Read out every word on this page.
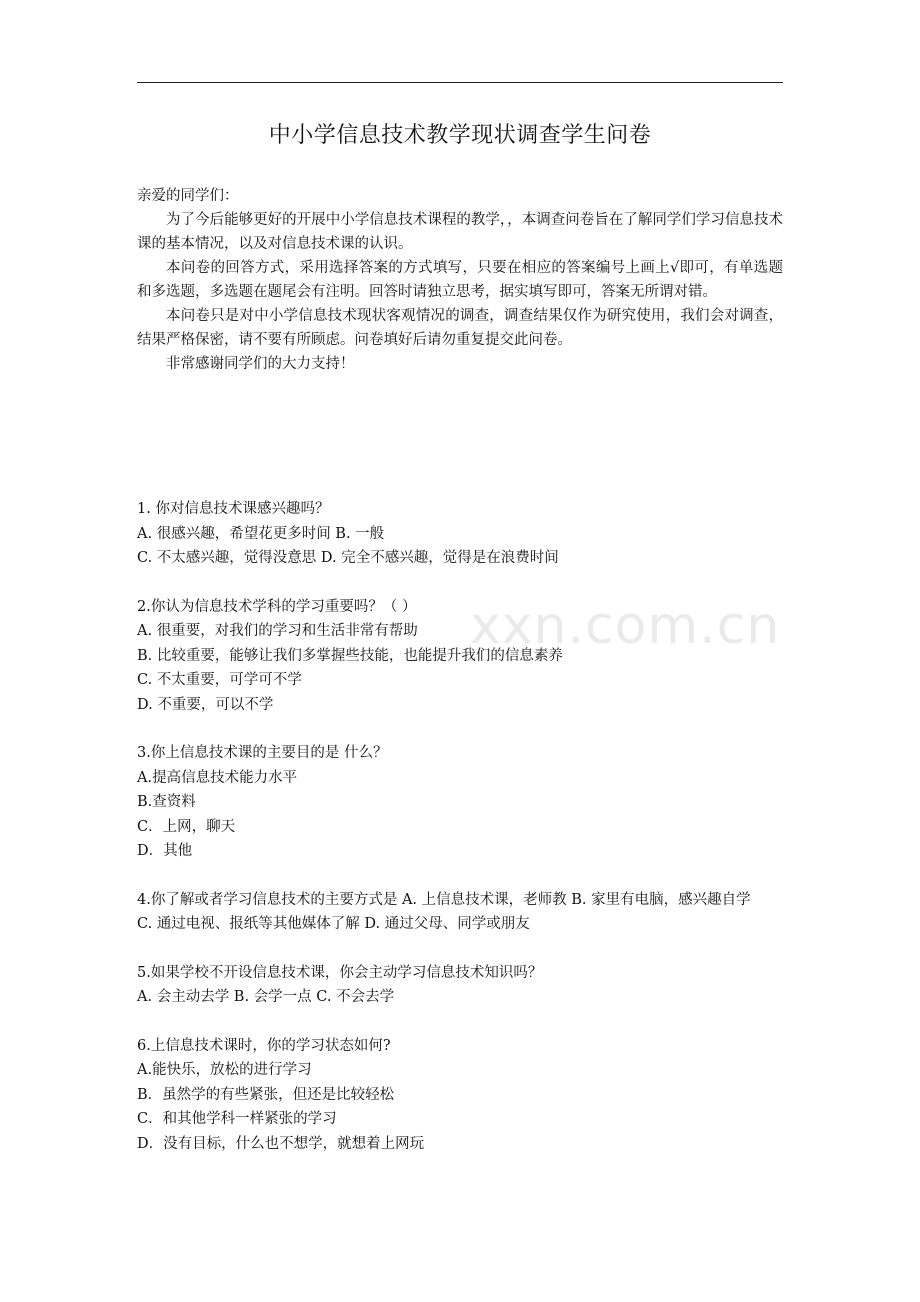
中小学信息技术教学现状调查学生问卷

亲爱的同学们：

为了今后能够更好的开展中小学信息技术课程的教学，，本调查问卷旨在了解同学们学习信息技术课的基本情况，以及对信息技术课的认识。

本问卷的回答方式，采用选择答案的方式填写，只要在相应的答案编号上画上√即可，有单选题和多选题，多选题在题尾会有注明。回答时请独立思考，据实填写即可，答案无所谓对错。

本问卷只是对中小学信息技术现状客观情况的调查，调查结果仅作为研究使用，我们会对调查，结果严格保密，请不要有所顾虑。问卷填好后请勿重复提交此问卷。

非常感谢同学们的大力支持！

xxn.com.cn

1. 你对信息技术课感兴趣吗？

A. 很感兴趣，希望花更多时间 B. 一般

C. 不太感兴趣，觉得没意思 D. 完全不感兴趣，觉得是在浪费时间

2.你认为信息技术学科的学习重要吗？（ ）

A. 很重要，对我们的学习和生活非常有帮助

B. 比较重要，能够让我们多掌握些技能，也能提升我们的信息素养

C. 不太重要，可学可不学

D. 不重要，可以不学

3.你上信息技术课的主要目的是 什么？

A.提高信息技术能力水平

B.查资料

C．上网，聊天

D．其他

4.你了解或者学习信息技术的主要方式是 A. 上信息技术课，老师教 B. 家里有电脑，感兴趣自学

C. 通过电视、报纸等其他媒体了解 D. 通过父母、同学或朋友

5.如果学校不开设信息技术课，你会主动学习信息技术知识吗？

A. 会主动去学 B. 会学一点 C. 不会去学

6.上信息技术课时，你的学习状态如何?

A.能快乐，放松的进行学习

B．虽然学的有些紧张，但还是比较轻松

C．和其他学科一样紧张的学习

D．没有目标，什么也不想学，就想着上网玩
